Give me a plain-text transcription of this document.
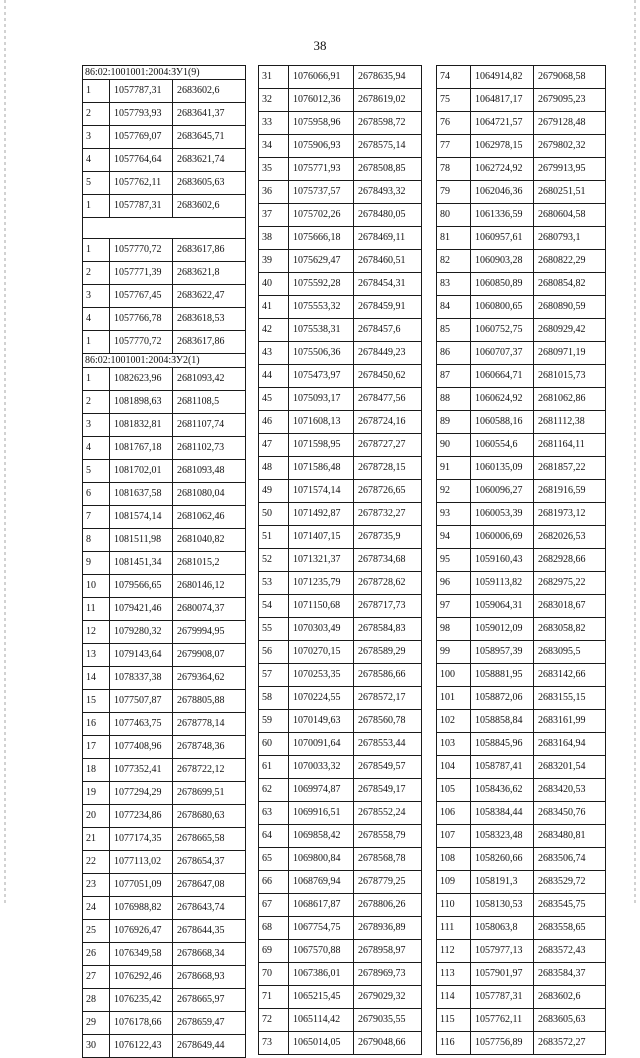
38
86:02:1001001:2004:ЗУ1(9)		
1	1057787,31	2683602,6
2	1057793,93	2683641,37
3	1057769,07	2683645,71
4	1057764,64	2683621,74
5	1057762,11	2683605,63
1	1057787,31	2683602,6

1	1057770,72	2683617,86
2	1057771,39	2683621,8
3	1057767,45	2683622,47
4	1057766,78	2683618,53
1	1057770,72	2683617,86
86:02:1001001:2004:ЗУ2(1)		
1	1082623,96	2681093,42
2	1081898,63	2681108,5
3	1081832,81	2681107,74
4	1081767,18	2681102,73
5	1081702,01	2681093,48
6	1081637,58	2681080,04
7	1081574,14	2681062,46
8	1081511,98	2681040,82
9	1081451,34	2681015,2
10	1079566,65	2680146,12
11	1079421,46	2680074,37
12	1079280,32	2679994,95
13	1079143,64	2679908,07
14	1078337,38	2679364,62
15	1077507,87	2678805,88
16	1077463,75	2678778,14
17	1077408,96	2678748,36
18	1077352,41	2678722,12
19	1077294,29	2678699,51
20	1077234,86	2678680,63
21	1077174,35	2678665,58
22	1077113,02	2678654,37
23	1077051,09	2678647,08
24	1076988,82	2678643,74
25	1076926,47	2678644,35
26	1076349,58	2678668,34
27	1076292,46	2678668,93
28	1076235,42	2678665,97
29	1076178,66	2678659,47
30	1076122,43	2678649,44
31	1076066,91	2678635,94
32	1076012,36	2678619,02
33	1075958,96	2678598,72
34	1075906,93	2678575,14
35	1075771,93	2678508,85
36	1075737,57	2678493,32
37	1075702,26	2678480,05
38	1075666,18	2678469,11
39	1075629,47	2678460,51
40	1075592,28	2678454,31
41	1075553,32	2678459,91
42	1075538,31	2678457,6
43	1075506,36	2678449,23
44	1075473,97	2678450,62
45	1075093,17	2678477,56
46	1071608,13	2678724,16
47	1071598,95	2678727,27
48	1071586,48	2678728,15
49	1071574,14	2678726,65
50	1071492,87	2678732,27
51	1071407,15	2678735,9
52	1071321,37	2678734,68
53	1071235,79	2678728,62
54	1071150,68	2678717,73
55	1070303,49	2678584,83
56	1070270,15	2678589,29
57	1070253,35	2678586,66
58	1070224,55	2678572,17
59	1070149,63	2678560,78
60	1070091,64	2678553,44
61	1070033,32	2678549,57
62	1069974,87	2678549,17
63	1069916,51	2678552,24
64	1069858,42	2678558,79
65	1069800,84	2678568,78
66	1068769,94	2678779,25
67	1068617,87	2678806,26
68	1067754,75	2678936,89
69	1067570,88	2678958,97
70	1067386,01	2678969,73
71	1065215,45	2679029,32
72	1065114,42	2679035,55
73	1065014,05	2679048,66
74	1064914,82	2679068,58
75	1064817,17	2679095,23
76	1064721,57	2679128,48
77	1062978,15	2679802,32
78	1062724,92	2679913,95
79	1062046,36	2680251,51
80	1061336,59	2680604,58
81	1060957,61	2680793,1
82	1060903,28	2680822,29
83	1060850,89	2680854,82
84	1060800,65	2680890,59
85	1060752,75	2680929,42
86	1060707,37	2680971,19
87	1060664,71	2681015,73
88	1060624,92	2681062,86
89	1060588,16	2681112,38
90	1060554,6	2681164,11
91	1060135,09	2681857,22
92	1060096,27	2681916,59
93	1060053,39	2681973,12
94	1060006,69	2682026,53
95	1059160,43	2682928,66
96	1059113,82	2682975,22
97	1059064,31	2683018,67
98	1059012,09	2683058,82
99	1058957,39	2683095,5
100	1058881,95	2683142,66
101	1058872,06	2683155,15
102	1058858,84	2683161,99
103	1058845,96	2683164,94
104	1058787,41	2683201,54
105	1058436,62	2683420,53
106	1058384,44	2683450,76
107	1058323,48	2683480,81
108	1058260,66	2683506,74
109	1058191,3	2683529,72
110	1058130,53	2683545,75
111	1058063,8	2683558,65
112	1057977,13	2683572,43
113	1057901,97	2683584,37
114	1057787,31	2683602,6
115	1057762,11	2683605,63
116	1057756,89	2683572,27
